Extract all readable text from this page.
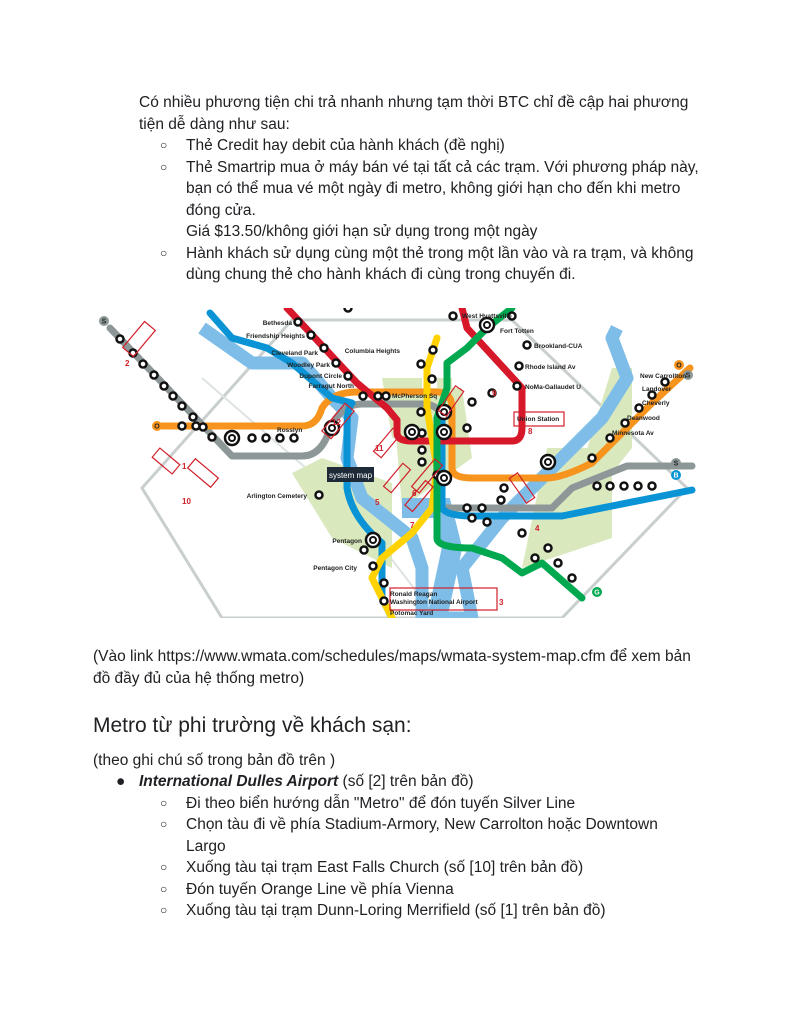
Có nhiều phương tiện chi trả nhanh nhưng tạm thời BTC chỉ đề cập hai phương tiện dễ dàng như sau:

○ Thẻ Credit hay debit của hành khách (đề nghị)
○ Thẻ Smartrip mua ở máy bán vé tại tất cả các trạm. Với phương pháp này, bạn có thể mua vé một ngày đi metro, không giới hạn cho đến khi metro đóng cửa.
Giá $13.50/không giới hạn sử dụng trong một ngày
○ Hành khách sử dụng cùng một thẻ trong một lần vào và ra trạm, và không dùng chung thẻ cho hành khách đi cùng trong chuyến đi.
S
O
O
S
S
B
G
Bethesda
Friendship Heights
Cleveland Park
Woodley Park
Dupont Circle
Farragut North
Rosslyn
McPherson Sq
Columbia Heights
West Hyattsville
Fort Totten
Brookland-CUA
Rhode Island Av
NoMa-Gallaudet U
Union Station
New Carrollton
Landover
Cheverly
Deanwood
Minnesota Av
Arlington Cemetery
Pentagon
Pentagon City
Ronald Reagan
Washington National Airport
Potomac Yard
1
2
3
4
5
6
7
8
9
10
11
12
system map

(Vào link https://www.wmata.com/schedules/maps/wmata-system-map.cfm để xem bản đồ đầy đủ của hệ thống metro)

Metro từ phi trường về khách sạn:

(theo ghi chú số trong bản đồ trên )

● International Dulles Airport (số [2] trên bản đồ)
○ Đi theo biển hướng dẫn "Metro" để đón tuyến Silver Line
○ Chọn tàu đi về phía Stadium-Armory, New Carrolton hoặc Downtown Largo
○ Xuống tàu tại trạm East Falls Church (số [10] trên bản đồ)
○ Đón tuyến Orange Line về phía Vienna
○ Xuống tàu tại trạm Dunn-Loring Merrifield (số [1] trên bản đồ)
